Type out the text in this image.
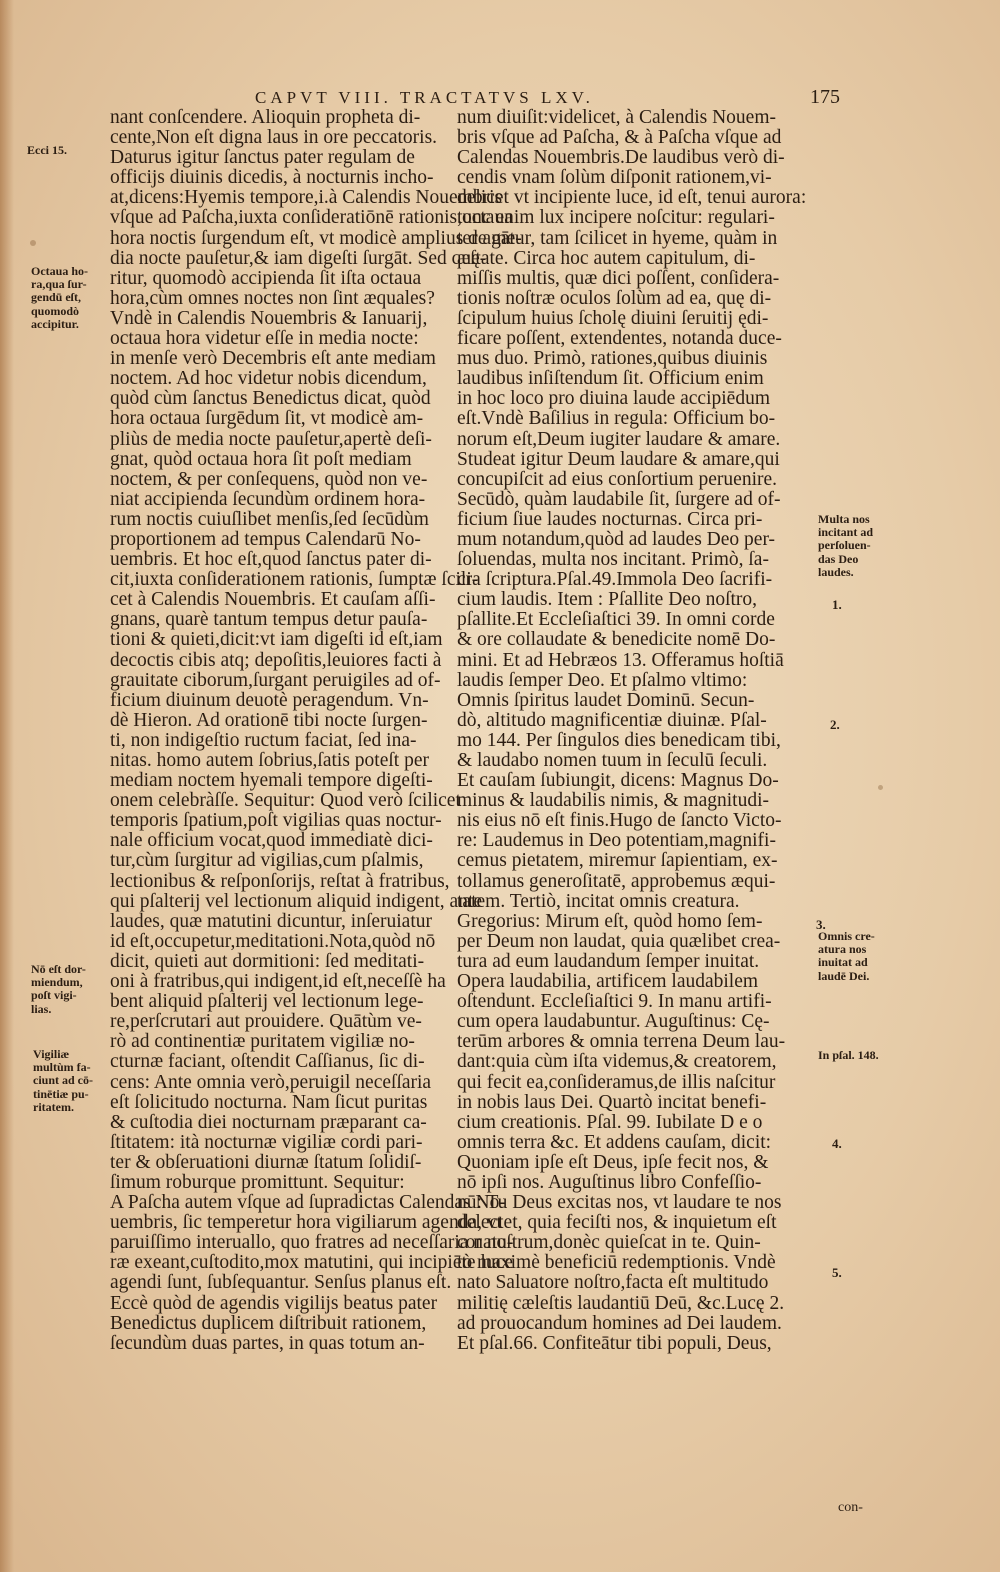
CAPVT VIII. TRACTATVS LXV.	175
nant conſcendere. Alioquin propheta di-
cente,Non eſt digna laus in ore peccatoris.
Daturus igitur ſanctus pater regulam de
officijs diuinis dicedis, à nocturnis incho-
at,dicens:Hyemis tempore,i.à Calendis Nouembris
vſque ad Paſcha,iuxta conſideratiōnē rationis,octaua
hora noctis ſurgendum eſt, vt modicè amplius de me-
dia nocte pauſetur,& iam digeſti ſurgāt. Sed quę-
ritur, quomodò accipienda ſit iſta octaua
hora,cùm omnes noctes non ſint æquales?
Vndè in Calendis Nouembris & Ianuarij,
octaua hora videtur eſſe in media nocte:
in menſe verò Decembris eſt ante mediam
noctem. Ad hoc videtur nobis dicendum,
quòd cùm ſanctus Benedictus dicat, quòd
hora octaua ſurgēdum ſit, vt modicè am-
pliùs de media nocte pauſetur,apertè deſi-
gnat, quòd octaua hora ſit poſt mediam
noctem, & per conſequens, quòd non ve-
niat accipienda ſecundùm ordinem hora-
rum noctis cuiuſlibet menſis,ſed ſecūdùm
proportionem ad tempus Calendarū No-
uembris. Et hoc eſt,quod ſanctus pater di-
cit,iuxta conſiderationem rationis, ſumptæ ſcili-
cet à Calendis Nouembris. Et cauſam aſſi-
gnans, quarè tantum tempus detur pauſa-
tioni & quieti,dicit:vt iam digeſti id eſt,iam
decoctis cibis atq; depoſitis,leuiores facti à
grauitate ciborum,ſurgant peruigiles ad of-
ficium diuinum deuotè peragendum. Vn-
dè Hieron. Ad orationē tibi nocte ſurgen-
ti, non indigeſtio ructum faciat, ſed ina-
nitas. homo autem ſobrius,ſatis poteſt per
mediam noctem hyemali tempore digeſti-
onem celebràſſe. Sequitur: Quod verò ſcilicet
temporis ſpatium,poſt vigilias quas noctur-
nale officium vocat,quod immediatè dici-
tur,cùm ſurgitur ad vigilias,cum pſalmis,
lectionibus & reſponſorijs, reſtat à fratribus,
qui pſalterij vel lectionum aliquid indigent, ante
laudes, quæ matutini dicuntur, inſeruiatur
id eſt,occupetur,meditationi.Nota,quòd nō
dicit, quieti aut dormitioni: ſed meditati-
oni à fratribus,qui indigent,id eſt,neceſſè ha
bent aliquid pſalterij vel lectionum lege-
re,perſcrutari aut prouidere. Quātùm ve-
rò ad continentiæ puritatem vigiliæ no-
cturnæ faciant, oſtendit Caſſianus, ſic di-
cens: Ante omnia verò,peruigil neceſſaria
eſt ſolicitudo nocturna. Nam ſicut puritas
& cuſtodia diei nocturnam præparant ca-
ſtitatem: ità nocturnæ vigiliæ cordi pari-
ter & obſeruationi diurnæ ſtatum ſolidiſ-
ſimum roburque promittunt. Sequitur:
A Paſcha autem vſque ad ſupradictas Calendas No-
uembris, ſic temperetur hora vigiliarum agenda, vt
paruiſſimo interuallo, quo fratres ad neceſſaria natu-
ræ exeant,cuſtodito,mox matutini, qui incipiēte luce
agendi ſunt, ſubſequantur. Senſus planus eſt.
Eccè quòd de agendis vigilijs beatus pater
Benedictus duplicem diſtribuit rationem,
ſecundùm duas partes, in quas totum an-
num diuiſit:videlicet, à Calendis Nouem-
bris vſque ad Paſcha, & à Paſcha vſque ad
Calendas Nouembris.De laudibus verò di-
cendis vnam ſolùm diſponit rationem,vi-
delicet vt incipiente luce, id eſt, tenui aurora:
tunc enim lux incipere noſcitur: regulari-
ter agātur, tam ſcilicet in hyeme, quàm in
æſtate. Circa hoc autem capitulum, di-
miſſis multis, quæ dici poſſent, conſidera-
tionis noſtræ oculos ſolùm ad ea, quę di-
ſcipulum huius ſcholę diuini ſeruitij ędi-
ficare poſſent, extendentes, notanda duce-
mus duo. Primò, rationes,quibus diuinis
laudibus inſiſtendum ſit. Officium enim
in hoc loco pro diuina laude accipiēdum
eſt.Vndè Baſilius in regula: Officium bo-
norum eſt,Deum iugiter laudare & amare.
Studeat igitur Deum laudare & amare,qui
concupiſcit ad eius conſortium peruenire.
Secūdò, quàm laudabile ſit, ſurgere ad of-
ficium ſiue laudes nocturnas. Circa pri-
mum notandum,quòd ad laudes Deo per-
ſoluendas, multa nos incitant. Primò, ſa-
cra ſcriptura.Pſal.49.Immola Deo ſacrifi-
cium laudis. Item : Pſallite Deo noſtro,
pſallite.Et Eccleſiaſtici 39. In omni corde
& ore collaudate & benedicite nomē Do-
mini. Et ad Hebræos 13. Offeramus hoſtiā
laudis ſemper Deo. Et pſalmo vltimo:
Omnis ſpiritus laudet Dominū. Secun-
dò, altitudo magnificentiæ diuinæ. Pſal-
mo 144. Per ſingulos dies benedicam tibi,
& laudabo nomen tuum in ſeculū ſeculi.
Et cauſam ſubiungit, dicens: Magnus Do-
minus & laudabilis nimis, & magnitudi-
nis eius nō eſt finis.Hugo de ſancto Victo-
re: Laudemus in Deo potentiam,magnifi-
cemus pietatem, miremur ſapientiam, ex-
tollamus generoſitatē, approbemus æqui-
tatem. Tertiò, incitat omnis creatura.
Gregorius: Mirum eſt, quòd homo ſem-
per Deum non laudat, quia quælibet crea-
tura ad eum laudandum ſemper inuitat.
Opera laudabilia, artificem laudabilem
oſtendunt. Eccleſiaſtici 9. In manu artifi-
cum opera laudabuntur. Auguſtinus: Cę-
terūm arbores & omnia terrena Deum lau-
dant:quia cùm iſta videmus,& creatorem,
qui fecit ea,conſideramus,de illis naſcitur
in nobis laus Dei. Quartò incitat benefi-
cium creationis. Pſal. 99. Iubilate D e o
omnis terra &c. Et addens cauſam, dicit:
Quoniam ipſe eſt Deus, ipſe fecit nos, &
nō ipſi nos. Auguſtinus libro Confeſſio-
nū: Tu Deus excitas nos, vt laudare te nos
delectet, quia feciſti nos, & inquietum eſt
cor noſtrum,donèc quieſcat in te. Quin-
tò maximè beneficiū redemptionis. Vndè
nato Saluatore noſtro,facta eſt multitudo
militię cæleſtis laudantiū Deū, &c.Lucę 2.
ad prouocandum homines ad Dei laudem.
Et pſal.66. Confiteātur tibi populi, Deus,
con-
Ecci 15.
Octaua ho-
ra,qua ſur-
gendū eſt,
quomodò
accipitur.
Nō eſt dor-
miendum,
poſt vigi-
lias.
Vigiliæ
multùm fa-
ciunt ad cō-
tinētiæ pu-
ritatem.
Multa nos
incitant ad
perſoluen-
das Deo
laudes.
Omnis cre-
atura nos
inuitat ad
laudē Dei.
In pſal. 148.
1.
2.
3.
4.
5.
